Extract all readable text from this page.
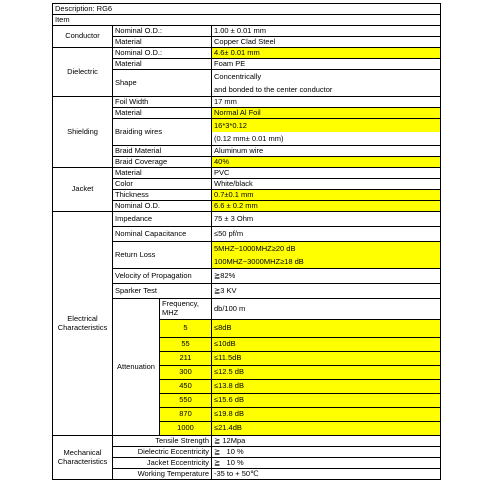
Description: RG6			
Item			
Conductor	Nominal O.D.:		1.00 ± 0.01 mm

	Material		Copper Clad Steel

Dielectric	Nominal O.D.:		4.6± 0.01 mm

	Material		Foam PE

	Shape		Concentrically
and bonded to the center conductor

Shielding	Foil Width		17 mm

	Material		Normal Al Foil

	Braiding wires		16*3*0.12
(0.12 mm± 0.01 mm)

	Braid Material		Aluminum wire

	Braid Coverage		40%

Jacket	Material		PVC

	Color		White/black

	Thickness		0.7±0.1 mm

	Nominal O.D.		6.6 ± 0.2 mm

Electrical Characteristics	Impedance		75 ± 3 Ohm

	Nominal Capacitance		≤50 pf/m

	Return Loss		5MHZ~1000MHZ≥20 dB
100MHZ~3000MHZ≥18 dB

	Velocity of Propagation		≧82%

	Sparker Test		≧3 KV

	Attenuation	Frequency, MHZ	db/100 m
		5	≤8dB
		55	≤10dB
		211	≤11.5dB
		300	≤12.5 dB
		450	≤13.8 dB
		550	≤15.6 dB
		870	≤19.8 dB
		1000	≤21.4dB
Mechanical Characteristics	Tensile Strength		≧ 12Mpa
	Dielectric Eccentricity		≧   10 %
	Jacket Eccentricity		≧   10 %
	Working Temperature		-35 to + 50℃
